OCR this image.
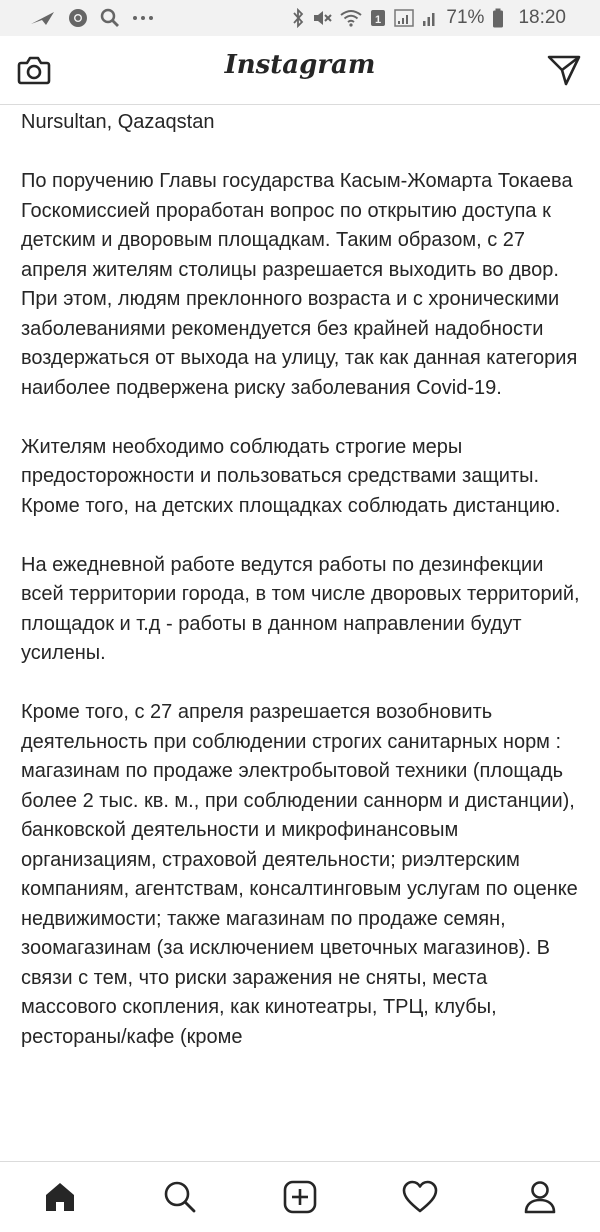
1	71% 18:20
Instagram

Nursultan, Qazaqstan

По поручению Главы государства Касым-Жомарта Токаева Госкомиссией проработан вопрос по открытию доступа к детским и дворовым площадкам. Таким образом, с 27 апреля жителям столицы разрешается выходить во двор. При этом, людям преклонного возраста и с хроническими заболеваниями рекомендуется без крайней надобности воздержаться от выхода на улицу, так как данная категория наиболее подвержена риску заболевания Covid-19.

Жителям необходимо соблюдать строгие меры предосторожности и пользоваться средствами защиты. Кроме того, на детских площадках соблюдать дистанцию.

На ежедневной работе ведутся работы по дезинфекции всей территории города, в том числе дворовых территорий, площадок и т.д - работы в данном направлении будут усилены.

Кроме того, с 27 апреля разрешается возобновить деятельность при соблюдении строгих санитарных норм : магазинам по продаже электробытовой техники (площадь более 2 тыс. кв. м., при соблюдении саннорм и дистанции), банковской деятельности и микрофинансовым организациям, страховой деятельности; риэлтерским компаниям, агентствам, консалтинговым услугам по оценке недвижимости; также магазинам по продаже семян, зоомагазинам (за исключением цветочных магазинов). В связи с тем, что риски заражения не сняты, места массового скопления, как кинотеатры, ТРЦ, клубы, рестораны/кафе (кроме
